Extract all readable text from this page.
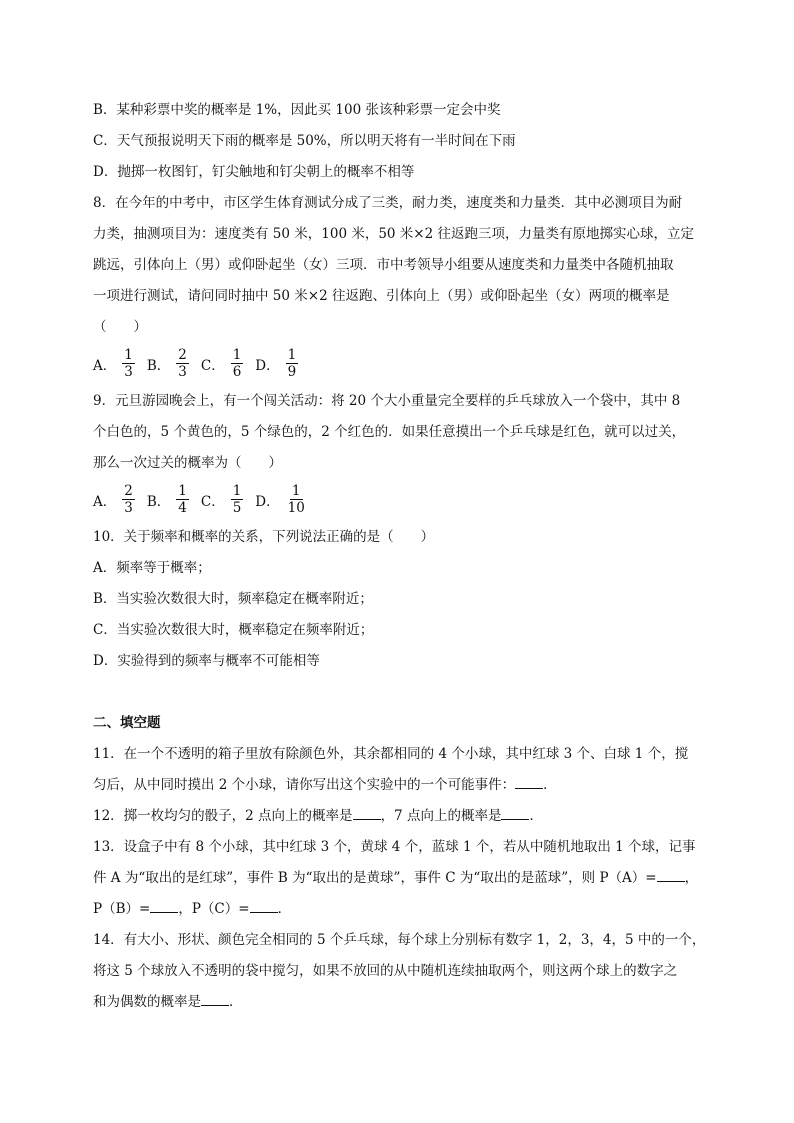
B．某种彩票中奖的概率是 1%，因此买 100 张该种彩票一定会中奖
C．天气预报说明天下雨的概率是 50%，所以明天将有一半时间在下雨
D．抛掷一枚图钉，钉尖触地和钉尖朝上的概率不相等
8．在今年的中考中，市区学生体育测试分成了三类，耐力类，速度类和力量类．其中必测项目为耐
力类，抽测项目为：速度类有 50 米，100 米，50 米×2 往返跑三项，力量类有原地掷实心球，立定
跳远，引体向上（男）或仰卧起坐（女）三项．市中考领导小组要从速度类和力量类中各随机抽取
一项进行测试，请问同时抽中 50 米×2 往返跑、引体向上（男）或仰卧起坐（女）两项的概率是
（　　）
A． $\frac{1}{3}$ B． $\frac{2}{3}$ C． $\frac{1}{6}$ D． $\frac{1}{9}$
9．元旦游园晚会上，有一个闯关活动：将 20 个大小重量完全要样的乒乓球放入一个袋中，其中 8
个白色的，5 个黄色的，5 个绿色的，2 个红色的．如果任意摸出一个乒乓球是红色，就可以过关，
那么一次过关的概率为（　　）
A． $\frac{2}{3}$ B． $\frac{1}{4}$ C． $\frac{1}{5}$ D． $\frac{1}{10}$
10．关于频率和概率的关系，下列说法正确的是（　　）
A．频率等于概率；
B．当实验次数很大时，频率稳定在概率附近；
C．当实验次数很大时，概率稳定在频率附近；
D．实验得到的频率与概率不可能相等
二、填空题
11．在一个不透明的箱子里放有除颜色外，其余都相同的 4 个小球，其中红球 3 个、白球 1 个，搅
匀后，从中同时摸出 2 个小球，请你写出这个实验中的一个可能事件： ．
12．掷一枚均匀的骰子，2 点向上的概率是 ，7 点向上的概率是 ．
13．设盒子中有 8 个小球，其中红球 3 个，黄球 4 个，蓝球 1 个，若从中随机地取出 1 个球，记事
件 A 为“取出的是红球”，事件 B 为“取出的是黄球”，事件 C 为“取出的是蓝球”，则 P（A）= ，
P（B）= ，P（C）= ．
14．有大小、形状、颜色完全相同的 5 个乒乓球，每个球上分别标有数字 1，2，3，4，5 中的一个，
将这 5 个球放入不透明的袋中搅匀，如果不放回的从中随机连续抽取两个，则这两个球上的数字之
和为偶数的概率是 ．
